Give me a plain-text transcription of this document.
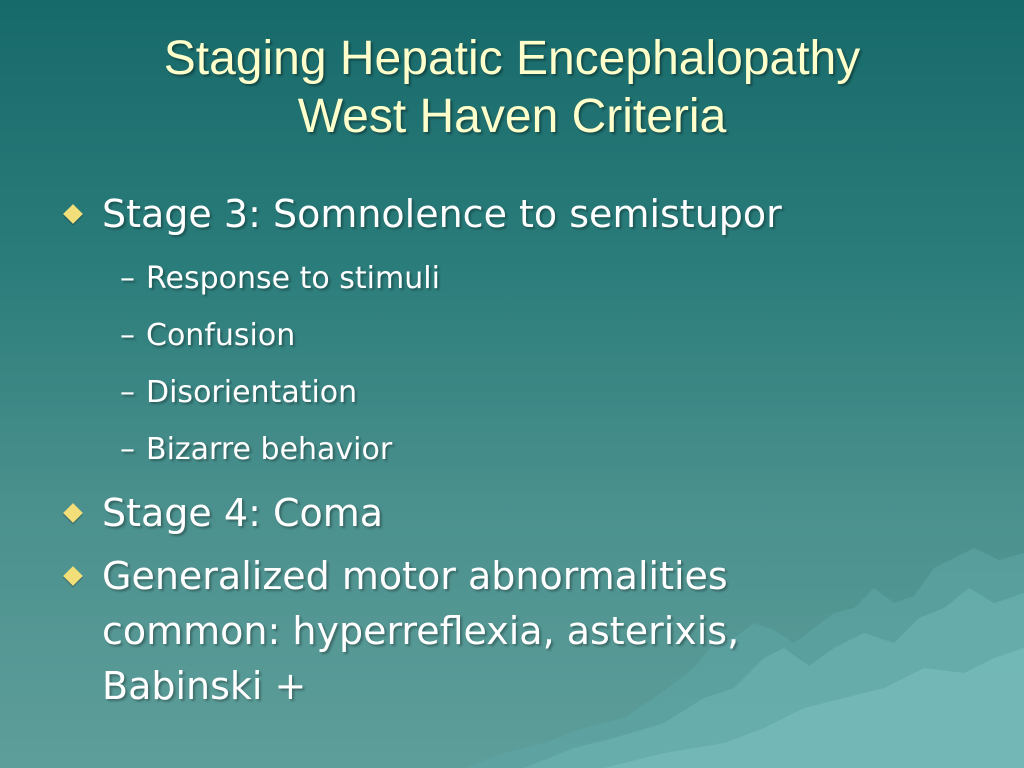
Staging Hepatic Encephalopathy
West Haven Criteria
Stage 3: Somnolence to semistupor
– Response to stimuli
– Confusion
– Disorientation
– Bizarre behavior
Stage 4: Coma
Generalized motor abnormalities
common: hyperreflexia, asterixis,
Babinski +
